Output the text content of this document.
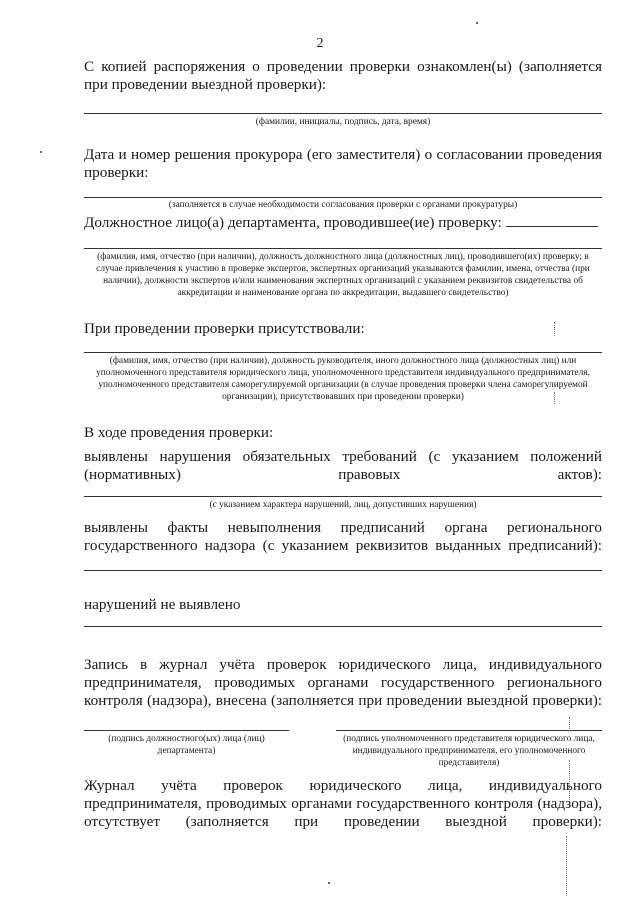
2
С копией распоряжения о проведении проверки ознакомлен(ы) (заполняется при проведении выездной проверки):
(фамилии, инициалы, подпись, дата, время)
Дата и номер решения прокурора (его заместителя) о согласовании проведения проверки:
(заполняется в случае необходимости согласования проверки с органами прокуратуры)
Должностное лицо(а) департамента, проводившее(ие) проверку:
(фамилия, имя, отчество (при наличии), должность должностного лица (должностных лиц), проводившего(их) проверку; в случае привлечения к участию в проверке экспертов, экспертных организаций указываются фамилии, имена, отчества (при наличии), должности экспертов и/или наименования экспертных организаций с указанием реквизитов свидетельства об аккредитации и наименование органа по аккредитации, выдавшего свидетельство)
При проведении проверки присутствовали:
(фамилия, имя, отчество (при наличии), должность руководителя, иного должностного лица (должностных лиц) или уполномоченного представителя юридического лица, уполномоченного представителя индивидуального предпринимателя, уполномоченного представителя саморегулируемой организации (в случае проведения проверки члена саморегулируемой организации), присутствовавших при проведении проверки)
В ходе проведения проверки:
выявлены нарушения обязательных требований (с указанием положений (нормативных) правовых актов):
(с указанием характера нарушений, лиц, допустивших нарушения)
выявлены факты невыполнения предписаний органа регионального государственного надзора (с указанием реквизитов выданных предписаний):
нарушений не выявлено
Запись в журнал учёта проверок юридического лица, индивидуального предпринимателя, проводимых органами государственного регионального контроля (надзора), внесена (заполняется при проведении выездной проверки):
(подпись должностного(ых) лица (лиц) департамента)
(подпись уполномоченного представителя юридического лица, индивидуального предпринимателя, его уполномоченного представителя)
Журнал учёта проверок юридического лица, индивидуального предпринимателя, проводимых органами государственного контроля (надзора), отсутствует (заполняется при проведении выездной проверки):
